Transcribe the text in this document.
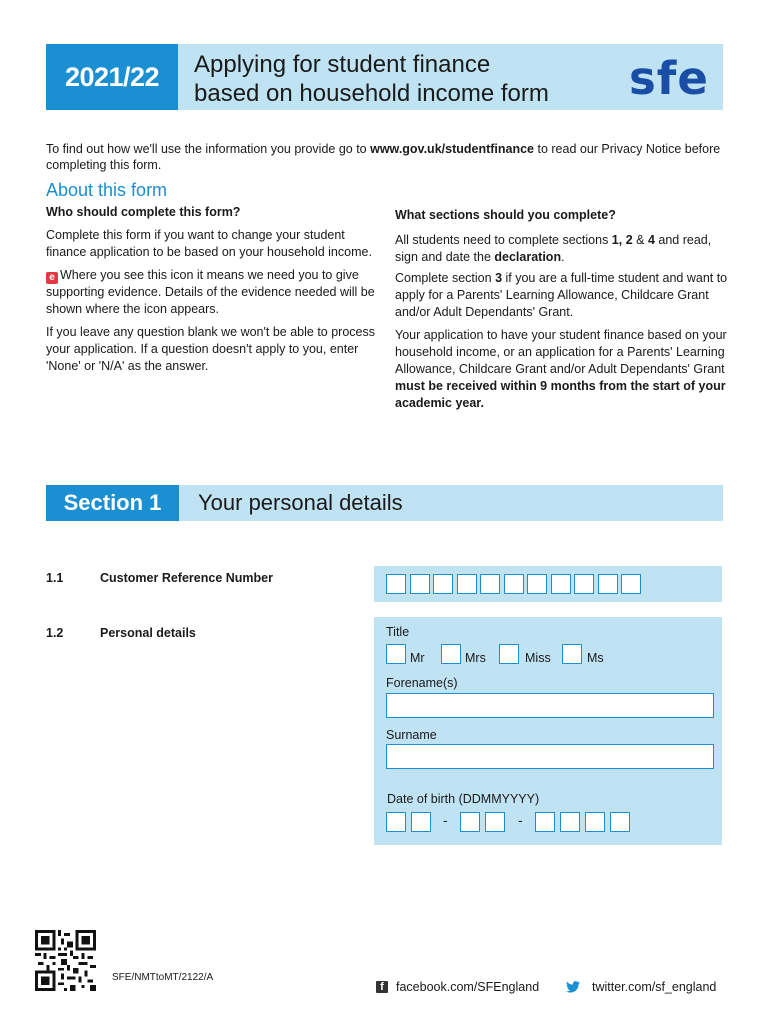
2021/22	Applying for student finance
based on household income form sfe
To find out how we'll use the information you provide go to www.gov.uk/studentfinance to read our Privacy Notice before completing this form.
About this form
Who should complete this form?
Complete this form if you want to change your student finance application to be based on your household income.
e Where you see this icon it means we need you to give supporting evidence. Details of the evidence needed will be shown where the icon appears.
If you leave any question blank we won't be able to process your application. If a question doesn't apply to you, enter 'None' or 'N/A' as the answer.
What sections should you complete?
All students need to complete sections 1, 2 & 4 and read, sign and date the declaration.
Complete section 3 if you are a full-time student and want to apply for a Parents' Learning Allowance, Childcare Grant and/or Adult Dependants' Grant.
Your application to have your student finance based on your household income, or an application for a Parents' Learning Allowance, Childcare Grant and/or Adult Dependants' Grant must be received within 9 months from the start of your academic year.
Section 1	Your personal details
1.1	Customer Reference Number
1.2	Personal details	Title
Mr	Mrs	Miss	Ms
Forename(s)
Surname
Date of birth (DDMMYYYY)
-	-
SFE/NMTtoMT/2122/A
f facebook.com/SFEngland	twitter.com/sf_england
